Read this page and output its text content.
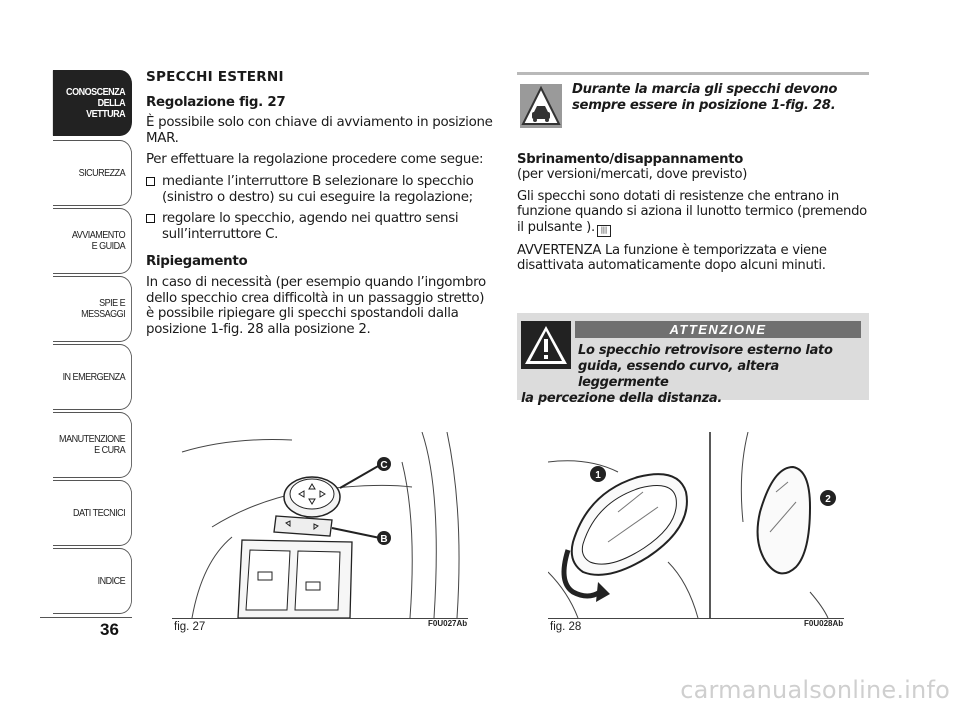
CONOSCENZA
DELLA
VETTURA
SICUREZZA
AVVIAMENTO
E GUIDA
SPIE E
MESSAGGI
IN EMERGENZA
MANUTENZIONE
E CURA
DATI TECNICI
INDICE
36
SPECCHI ESTERNI
Regolazione fig. 27
È possibile solo con chiave di avviamento in posizione MAR.
Per effettuare la regolazione procedere come segue:
mediante l’interruttore B selezionare lo specchio (sinistro o destro) su cui eseguire la regolazione;
regolare lo specchio, agendo nei quattro sensi sull’interruttore C.
Ripiegamento
In caso di necessità (per esempio quando l’ingombro dello specchio crea difficoltà in un passaggio stretto) è possibile ripiegare gli specchi spostandoli dalla posizione 1-fig. 28 alla posizione 2.
Durante la marcia gli specchi devono sempre essere in posizione 1-fig. 28.

Sbrinamento/disappannamento

(per versioni/mercati, dove previsto)

Gli specchi sono dotati di resistenze che entrano in funzione quando si aziona il lunotto termico (premendo il pulsante ). |||

AVVERTENZA La funzione è temporizzata e viene disattivata automaticamente dopo alcuni minuti.

ATTENZIONE
Lo specchio retrovisore esterno lato
guida, essendo curvo, altera leggermente
la percezione della distanza.
C
B
fig. 27	F0U027Ab
1
2
fig. 28	F0U028Ab
carmanualsonline.info
